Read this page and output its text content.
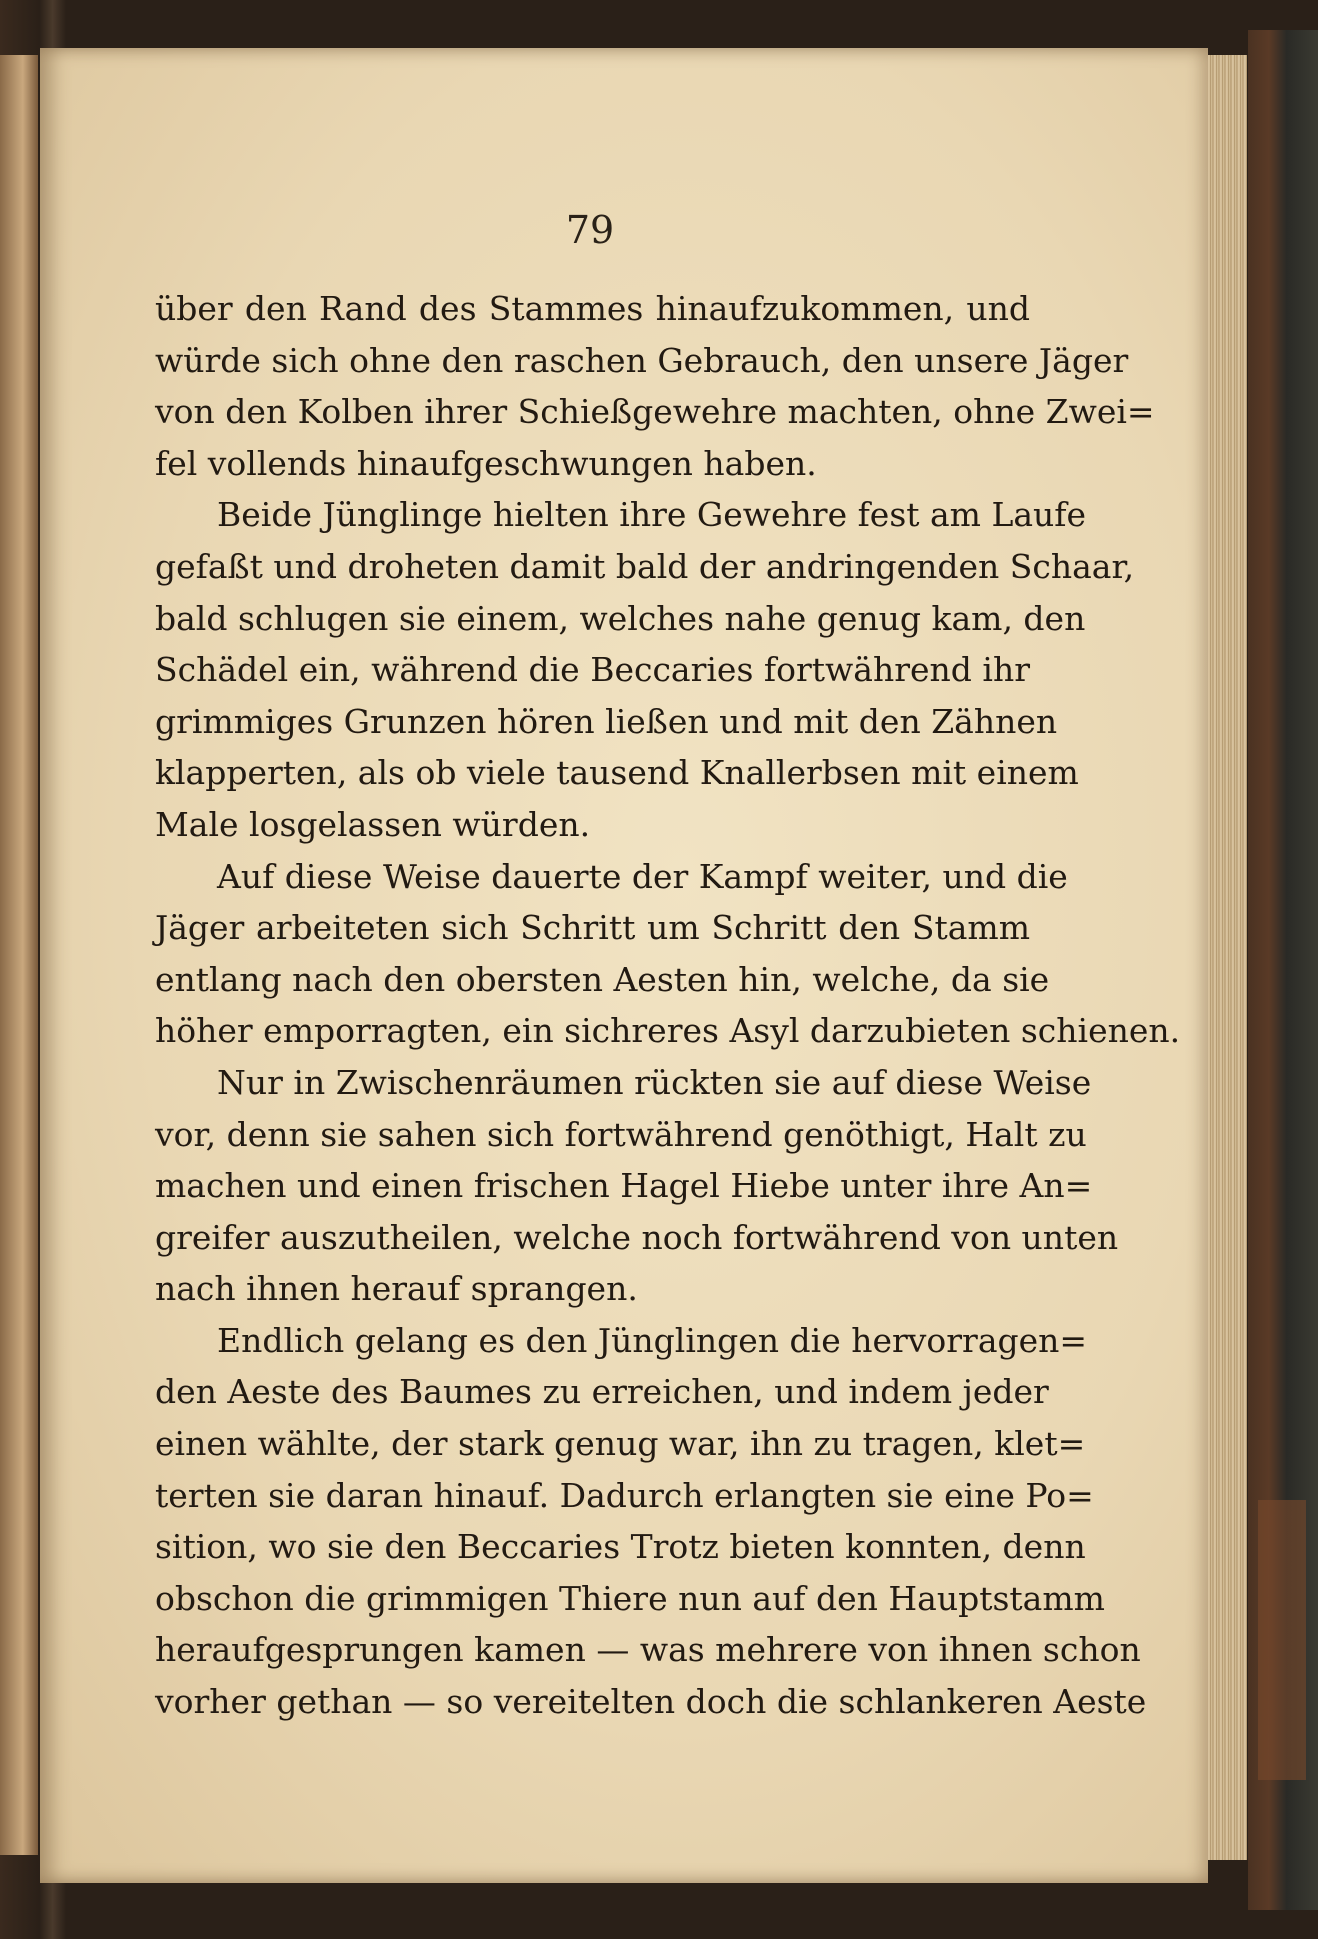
79
über den Rand des Stammes hinaufzukommen, und
würde sich ohne den raschen Gebrauch, den unsere Jäger
von den Kolben ihrer Schießgewehre machten, ohne Zwei=
fel vollends hinaufgeschwungen haben.
Beide Jünglinge hielten ihre Gewehre fest am Laufe
gefaßt und droheten damit bald der andringenden Schaar,
bald schlugen sie einem, welches nahe genug kam, den
Schädel ein, während die Beccaries fortwährend ihr
grimmiges Grunzen hören ließen und mit den Zähnen
klapperten, als ob viele tausend Knallerbsen mit einem
Male losgelassen würden.
Auf diese Weise dauerte der Kampf weiter, und die
Jäger arbeiteten sich Schritt um Schritt den Stamm
entlang nach den obersten Aesten hin, welche, da sie
höher emporragten, ein sichreres Asyl darzubieten schienen.
Nur in Zwischenräumen rückten sie auf diese Weise
vor, denn sie sahen sich fortwährend genöthigt, Halt zu
machen und einen frischen Hagel Hiebe unter ihre An=
greifer auszutheilen, welche noch fortwährend von unten
nach ihnen herauf sprangen.
Endlich gelang es den Jünglingen die hervorragen=
den Aeste des Baumes zu erreichen, und indem jeder
einen wählte, der stark genug war, ihn zu tragen, klet=
terten sie daran hinauf. Dadurch erlangten sie eine Po=
sition, wo sie den Beccaries Trotz bieten konnten, denn
obschon die grimmigen Thiere nun auf den Hauptstamm
heraufgesprungen kamen — was mehrere von ihnen schon
vorher gethan — so vereitelten doch die schlankeren Aeste
